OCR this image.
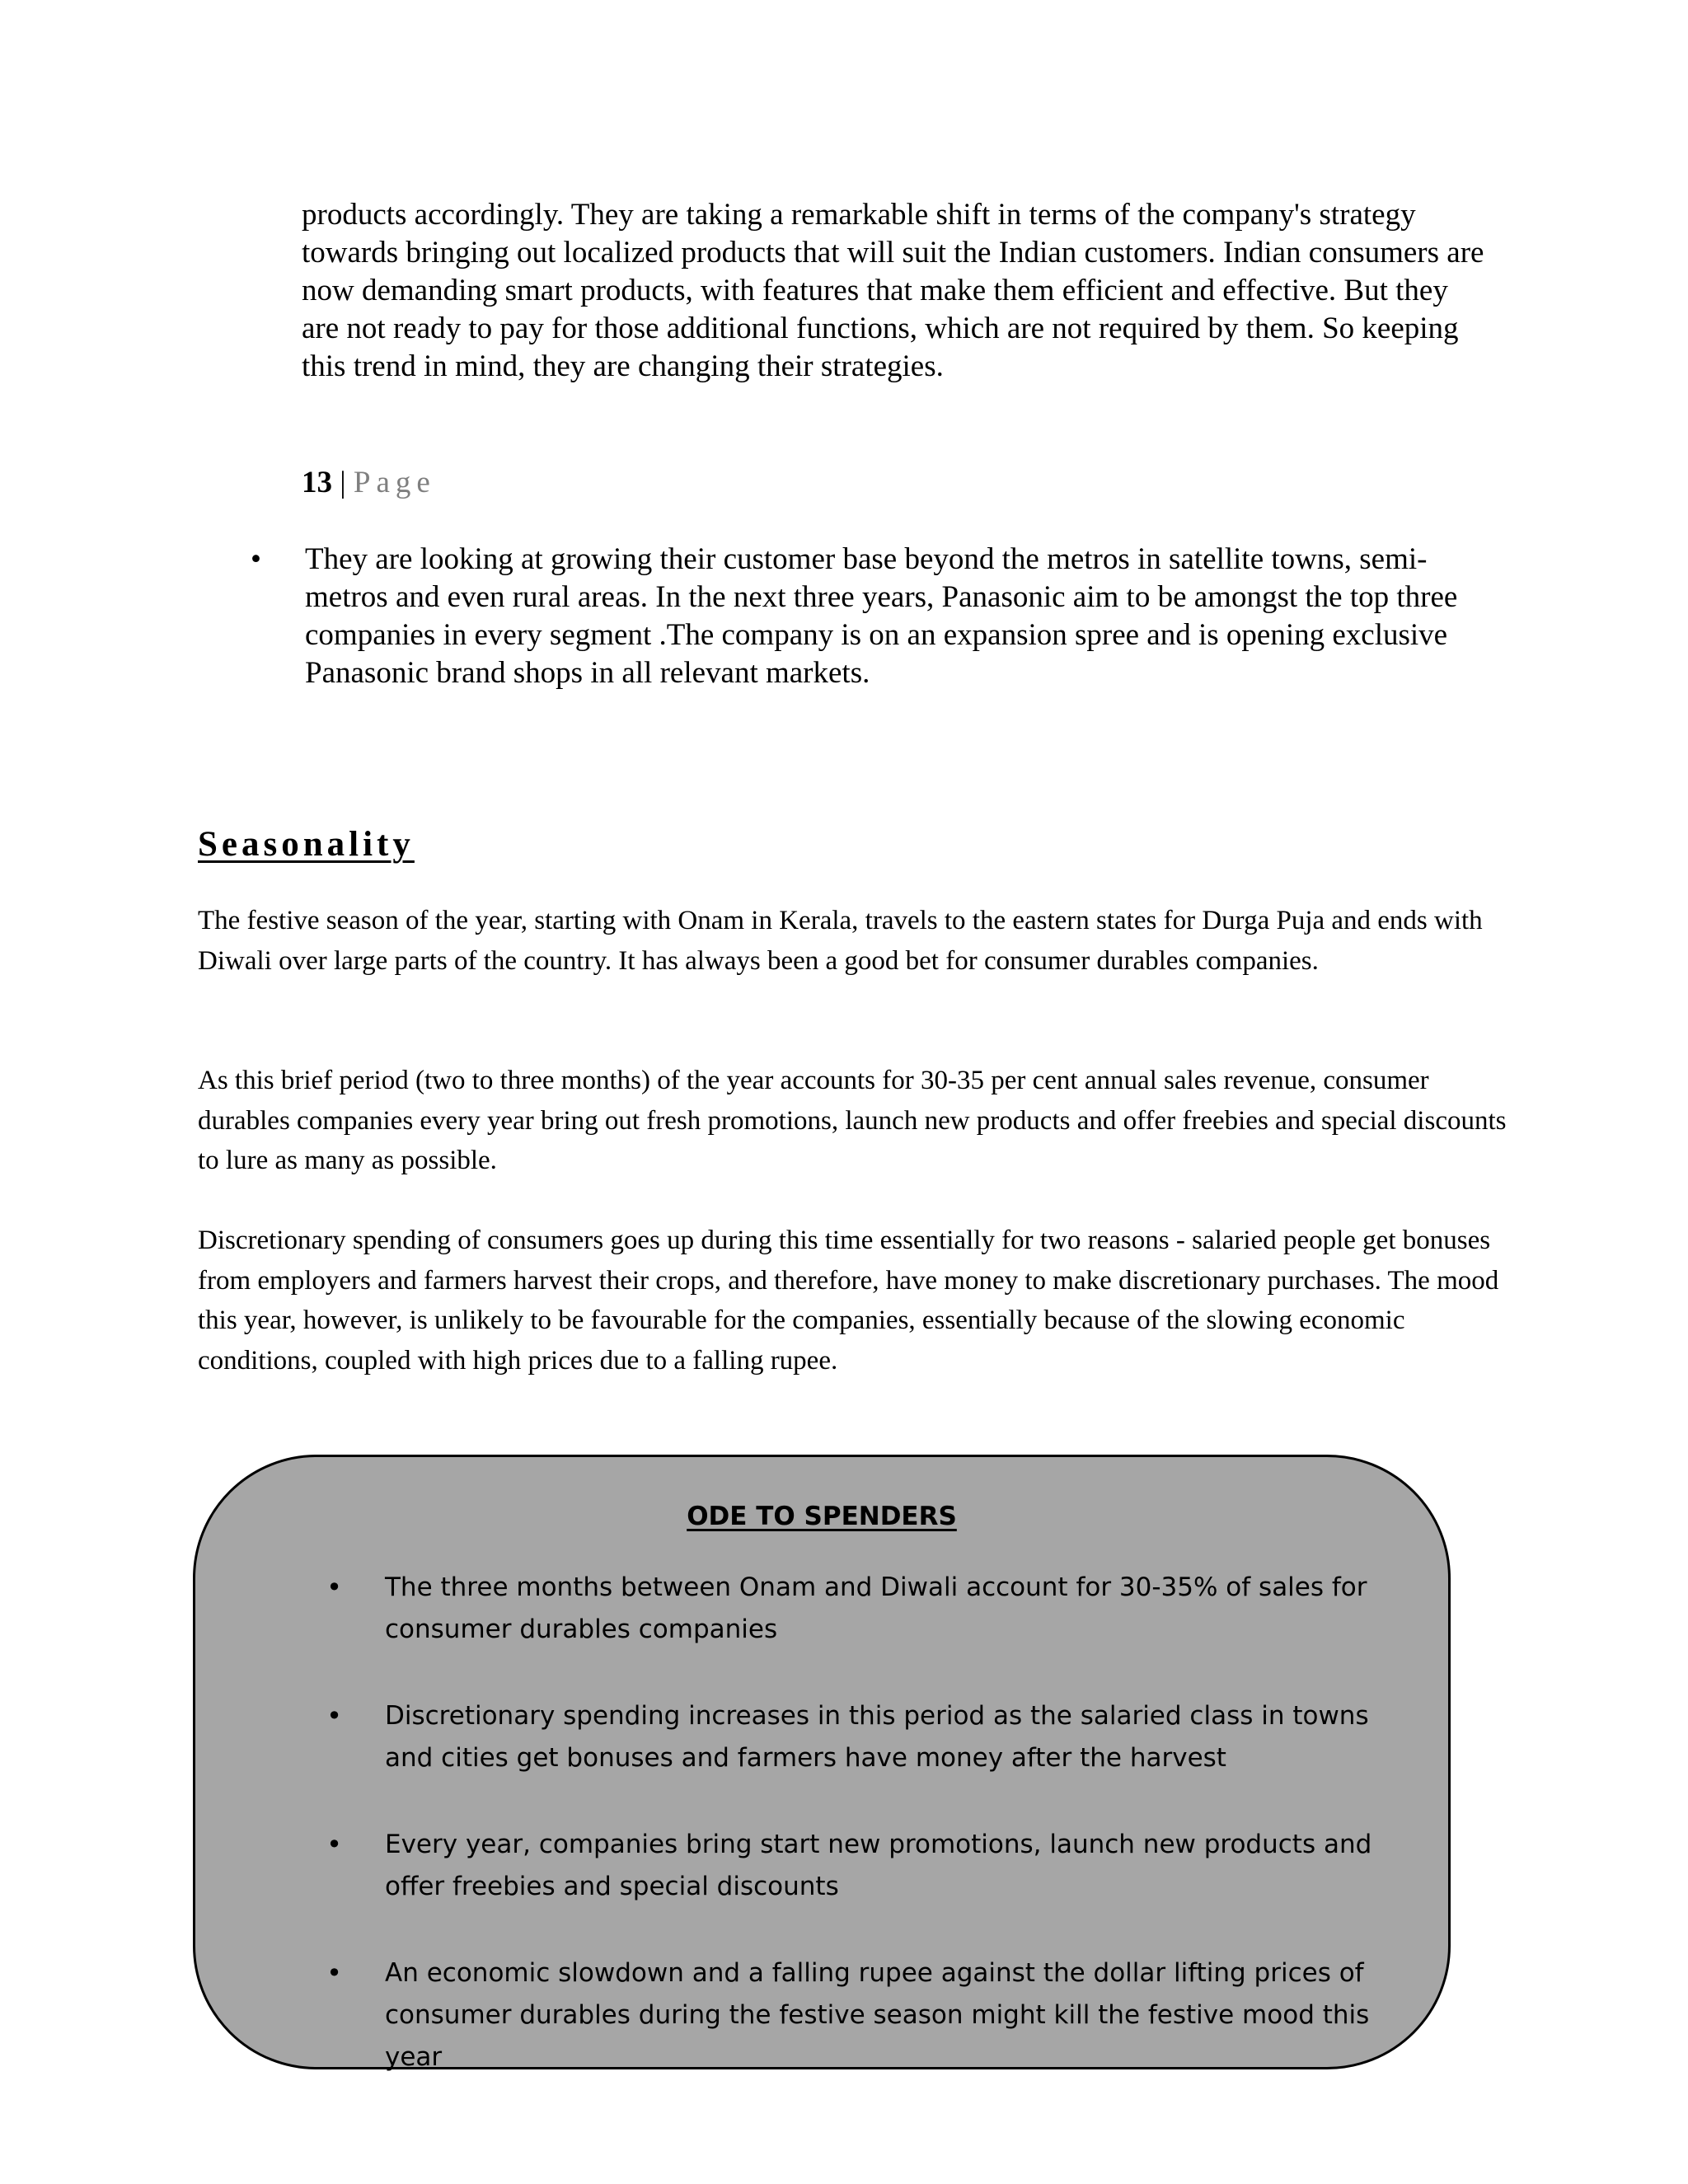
products accordingly. They are taking a remarkable shift in terms of the company's strategy towards bringing out localized products that will suit the Indian customers. Indian consumers are now demanding smart products, with features that make them efficient and effective. But they are not ready to pay for those additional functions, which are not required by them. So keeping this trend in mind, they are changing their strategies.

13 | Page
•	They are looking at growing their customer base beyond the metros in satellite towns, semi-metros and even rural areas. In the next three years, Panasonic aim to be amongst the top three companies in every segment .The company is on an expansion spree and is opening exclusive Panasonic brand shops in all relevant markets.

Seasonality

The festive season of the year, starting with Onam in Kerala, travels to the eastern states for Durga Puja and ends with Diwali over large parts of the country. It has always been a good bet for consumer durables companies.

As this brief period (two to three months) of the year accounts for 30-35 per cent annual sales revenue, consumer durables companies every year bring out fresh promotions, launch new products and offer freebies and special discounts to lure as many as possible.

Discretionary spending of consumers goes up during this time essentially for two reasons - salaried people get bonuses from employers and farmers harvest their crops, and therefore, have money to make discretionary purchases. The mood this year, however, is unlikely to be favourable for the companies, essentially because of the slowing economic conditions, coupled with high prices due to a falling rupee.

ODE TO SPENDERS
• The three months between Onam and Diwali account for 30-35% of sales for consumer durables companies
• Discretionary spending increases in this period as the salaried class in towns and cities get bonuses and farmers have money after the harvest
• Every year, companies bring start new promotions, launch new products and offer freebies and special discounts
• An economic slowdown and a falling rupee against the dollar lifting prices of consumer durables during the festive season might kill the festive mood this year
